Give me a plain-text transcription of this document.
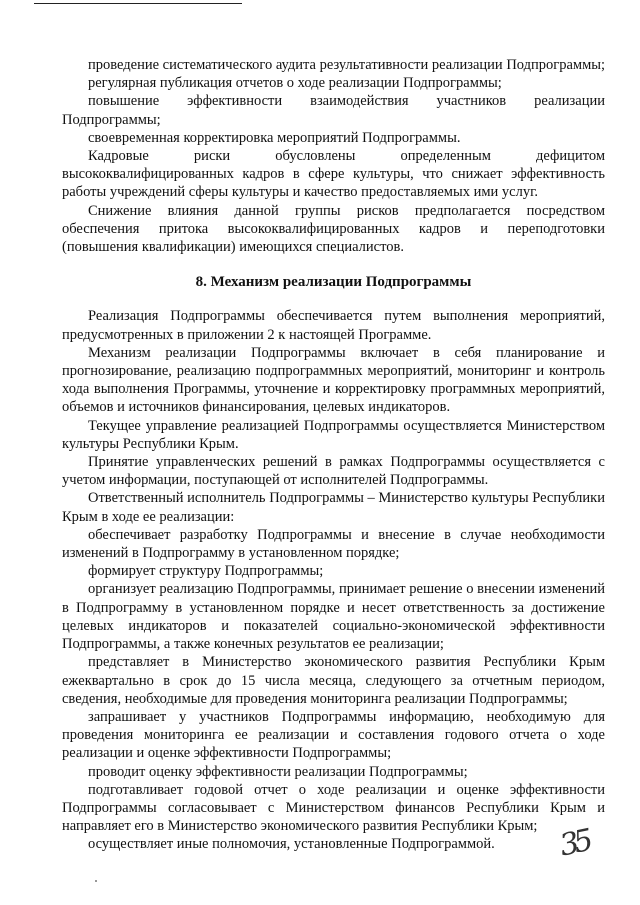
проведение систематического аудита результативности реализации Подпрограммы;

регулярная публикация отчетов о ходе реализации Подпрограммы;

повышение эффективности взаимодействия участников реализации Подпрограммы;

своевременная корректировка мероприятий Подпрограммы.

Кадровые риски обусловлены определенным дефицитом высококвалифицированных кадров в сфере культуры, что снижает эффективность работы учреждений сферы культуры и качество предоставляемых ими услуг.

Снижение влияния данной группы рисков предполагается посредством обеспечения притока высококвалифицированных кадров и переподготовки (повышения квалификации) имеющихся специалистов.

8. Механизм реализации Подпрограммы

Реализация Подпрограммы обеспечивается путем выполнения мероприятий, предусмотренных в приложении 2 к настоящей Программе.

Механизм реализации Подпрограммы включает в себя планирование и прогнозирование, реализацию подпрограммных мероприятий, мониторинг и контроль хода выполнения Программы, уточнение и корректировку программных мероприятий, объемов и источников финансирования, целевых индикаторов.

Текущее управление реализацией Подпрограммы осуществляется Министерством культуры Республики Крым.

Принятие управленческих решений в рамках Подпрограммы осуществляется с учетом информации, поступающей от исполнителей Подпрограммы.

Ответственный исполнитель Подпрограммы – Министерство культуры Республики Крым в ходе ее реализации:

обеспечивает разработку Подпрограммы и внесение в случае необходимости изменений в Подпрограмму в установленном порядке;

формирует структуру Подпрограммы;

организует реализацию Подпрограммы, принимает решение о внесении изменений в Подпрограмму в установленном порядке и несет ответственность за достижение целевых индикаторов и показателей социально-экономической эффективности Подпрограммы, а также конечных результатов ее реализации;

представляет в Министерство экономического развития Республики Крым ежеквартально в срок до 15 числа месяца, следующего за отчетным периодом, сведения, необходимые для проведения мониторинга реализации Подпрограммы;

запрашивает у участников Подпрограммы информацию, необходимую для проведения мониторинга ее реализации и составления годового отчета о ходе реализации и оценке эффективности Подпрограммы;

проводит оценку эффективности реализации Подпрограммы;

подготавливает годовой отчет о ходе реализации и оценке эффективности Подпрограммы согласовывает с Министерством финансов Республики Крым и направляет его в Министерство экономического развития Республики Крым;

осуществляет иные полномочия, установленные Подпрограммой.	35
